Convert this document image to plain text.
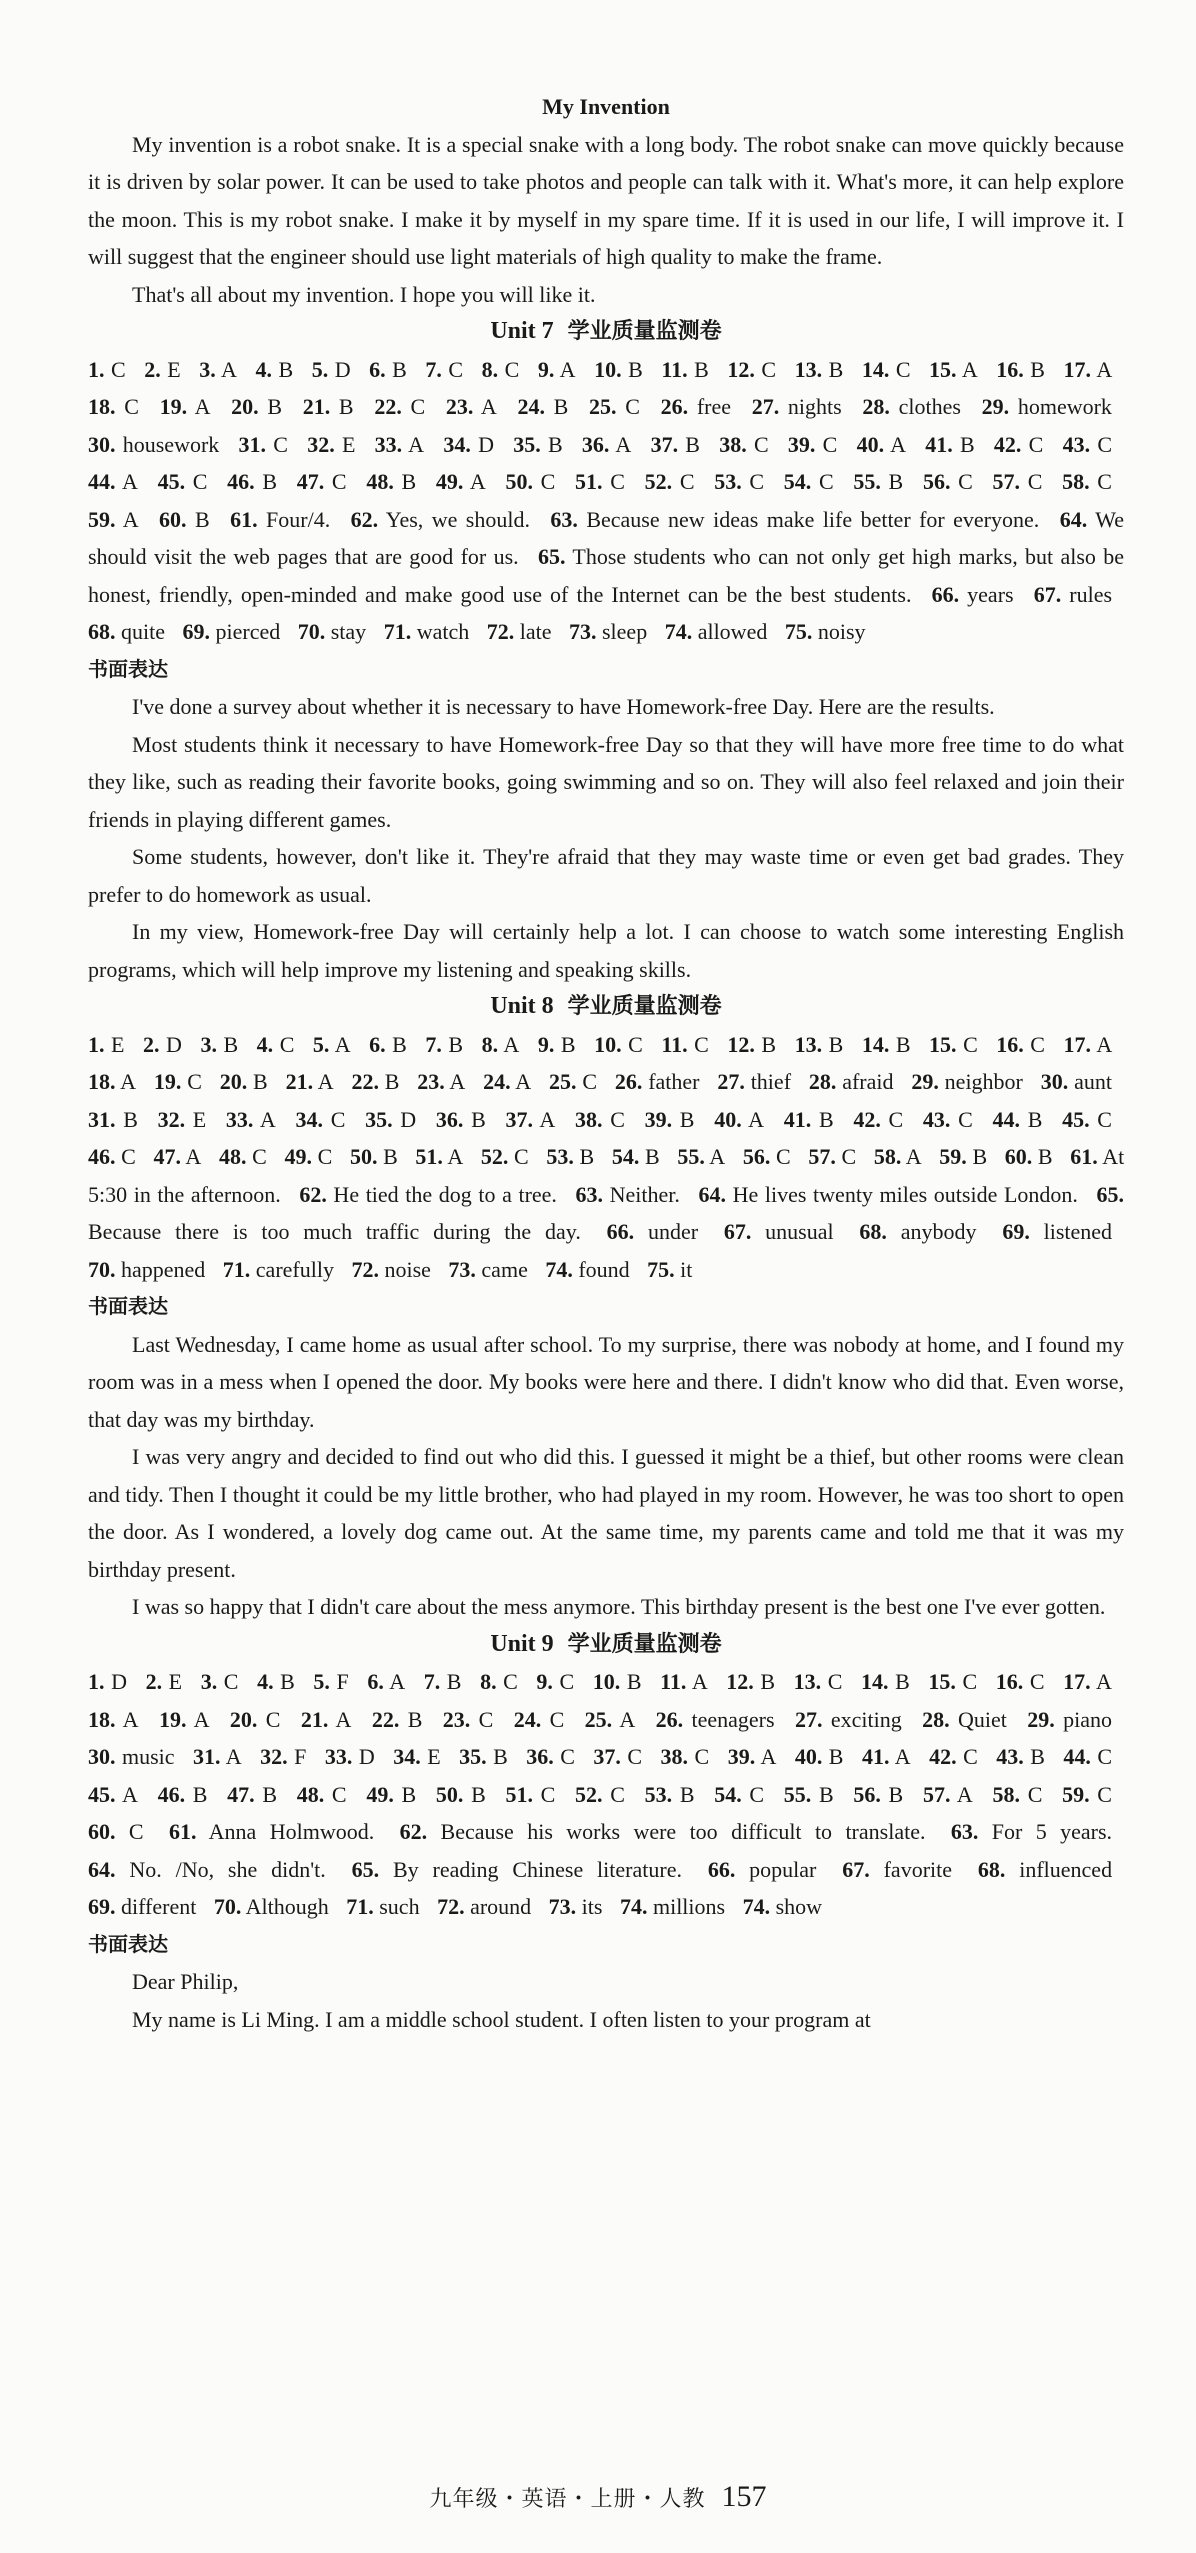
My Invention

My invention is a robot snake. It is a special snake with a long body. The robot snake can move quickly because it is driven by solar power. It can be used to take photos and people can talk with it. What's more, it can help explore the moon. This is my robot snake. I make it by myself in my spare time. If it is used in our life, I will improve it. I will suggest that the engineer should use light materials of high quality to make the frame.

That's all about my invention. I hope you will like it.

Unit 7 学业质量监测卷

1. C 2. E 3. A 4. B 5. D 6. B 7. C 8. C 9. A 10. B 11. B 12. C 13. B 14. C 15. A 16. B 17. A 18. C 19. A 20. B 21. B 22. C 23. A 24. B 25. C 26. free 27. nights 28. clothes 29. homework 30. housework 31. C 32. E 33. A 34. D 35. B 36. A 37. B 38. C 39. C 40. A 41. B 42. C 43. C 44. A 45. C 46. B 47. C 48. B 49. A 50. C 51. C 52. C 53. C 54. C 55. B 56. C 57. C 58. C 59. A 60. B 61. Four/4. 62. Yes, we should. 63. Because new ideas make life better for everyone. 64. We should visit the web pages that are good for us. 65. Those students who can not only get high marks, but also be honest, friendly, open-minded and make good use of the Internet can be the best students. 66. years 67. rules 68. quite 69. pierced 70. stay 71. watch 72. late 73. sleep 74. allowed 75. noisy

书面表达

I've done a survey about whether it is necessary to have Homework-free Day. Here are the results.

Most students think it necessary to have Homework-free Day so that they will have more free time to do what they like, such as reading their favorite books, going swimming and so on. They will also feel relaxed and join their friends in playing different games.

Some students, however, don't like it. They're afraid that they may waste time or even get bad grades. They prefer to do homework as usual.

In my view, Homework-free Day will certainly help a lot. I can choose to watch some interesting English programs, which will help improve my listening and speaking skills.

Unit 8 学业质量监测卷

1. E 2. D 3. B 4. C 5. A 6. B 7. B 8. A 9. B 10. C 11. C 12. B 13. B 14. B 15. C 16. C 17. A 18. A 19. C 20. B 21. A 22. B 23. A 24. A 25. C 26. father 27. thief 28. afraid 29. neighbor 30. aunt 31. B 32. E 33. A 34. C 35. D 36. B 37. A 38. C 39. B 40. A 41. B 42. C 43. C 44. B 45. C 46. C 47. A 48. C 49. C 50. B 51. A 52. C 53. B 54. B 55. A 56. C 57. C 58. A 59. B 60. B 61. At 5:30 in the afternoon. 62. He tied the dog to a tree. 63. Neither. 64. He lives twenty miles outside London. 65. Because there is too much traffic during the day. 66. under 67. unusual 68. anybody 69. listened 70. happened 71. carefully 72. noise 73. came 74. found 75. it

书面表达

Last Wednesday, I came home as usual after school. To my surprise, there was nobody at home, and I found my room was in a mess when I opened the door. My books were here and there. I didn't know who did that. Even worse, that day was my birthday.

I was very angry and decided to find out who did this. I guessed it might be a thief, but other rooms were clean and tidy. Then I thought it could be my little brother, who had played in my room. However, he was too short to open the door. As I wondered, a lovely dog came out. At the same time, my parents came and told me that it was my birthday present.

I was so happy that I didn't care about the mess anymore. This birthday present is the best one I've ever gotten.

Unit 9 学业质量监测卷

1. D 2. E 3. C 4. B 5. F 6. A 7. B 8. C 9. C 10. B 11. A 12. B 13. C 14. B 15. C 16. C 17. A 18. A 19. A 20. C 21. A 22. B 23. C 24. C 25. A 26. teenagers 27. exciting 28. Quiet 29. piano 30. music 31. A 32. F 33. D 34. E 35. B 36. C 37. C 38. C 39. A 40. B 41. A 42. C 43. B 44. C 45. A 46. B 47. B 48. C 49. B 50. B 51. C 52. C 53. B 54. C 55. B 56. B 57. A 58. C 59. C 60. C 61. Anna Holmwood. 62. Because his works were too difficult to translate. 63. For 5 years. 64. No. /No, she didn't. 65. By reading Chinese literature. 66. popular 67. favorite 68. influenced 69. different 70. Although 71. such 72. around 73. its 74. millions 74. show

书面表达

Dear Philip,

My name is Li Ming. I am a middle school student. I often listen to your program at

九年级・英语・上册・人教 157
